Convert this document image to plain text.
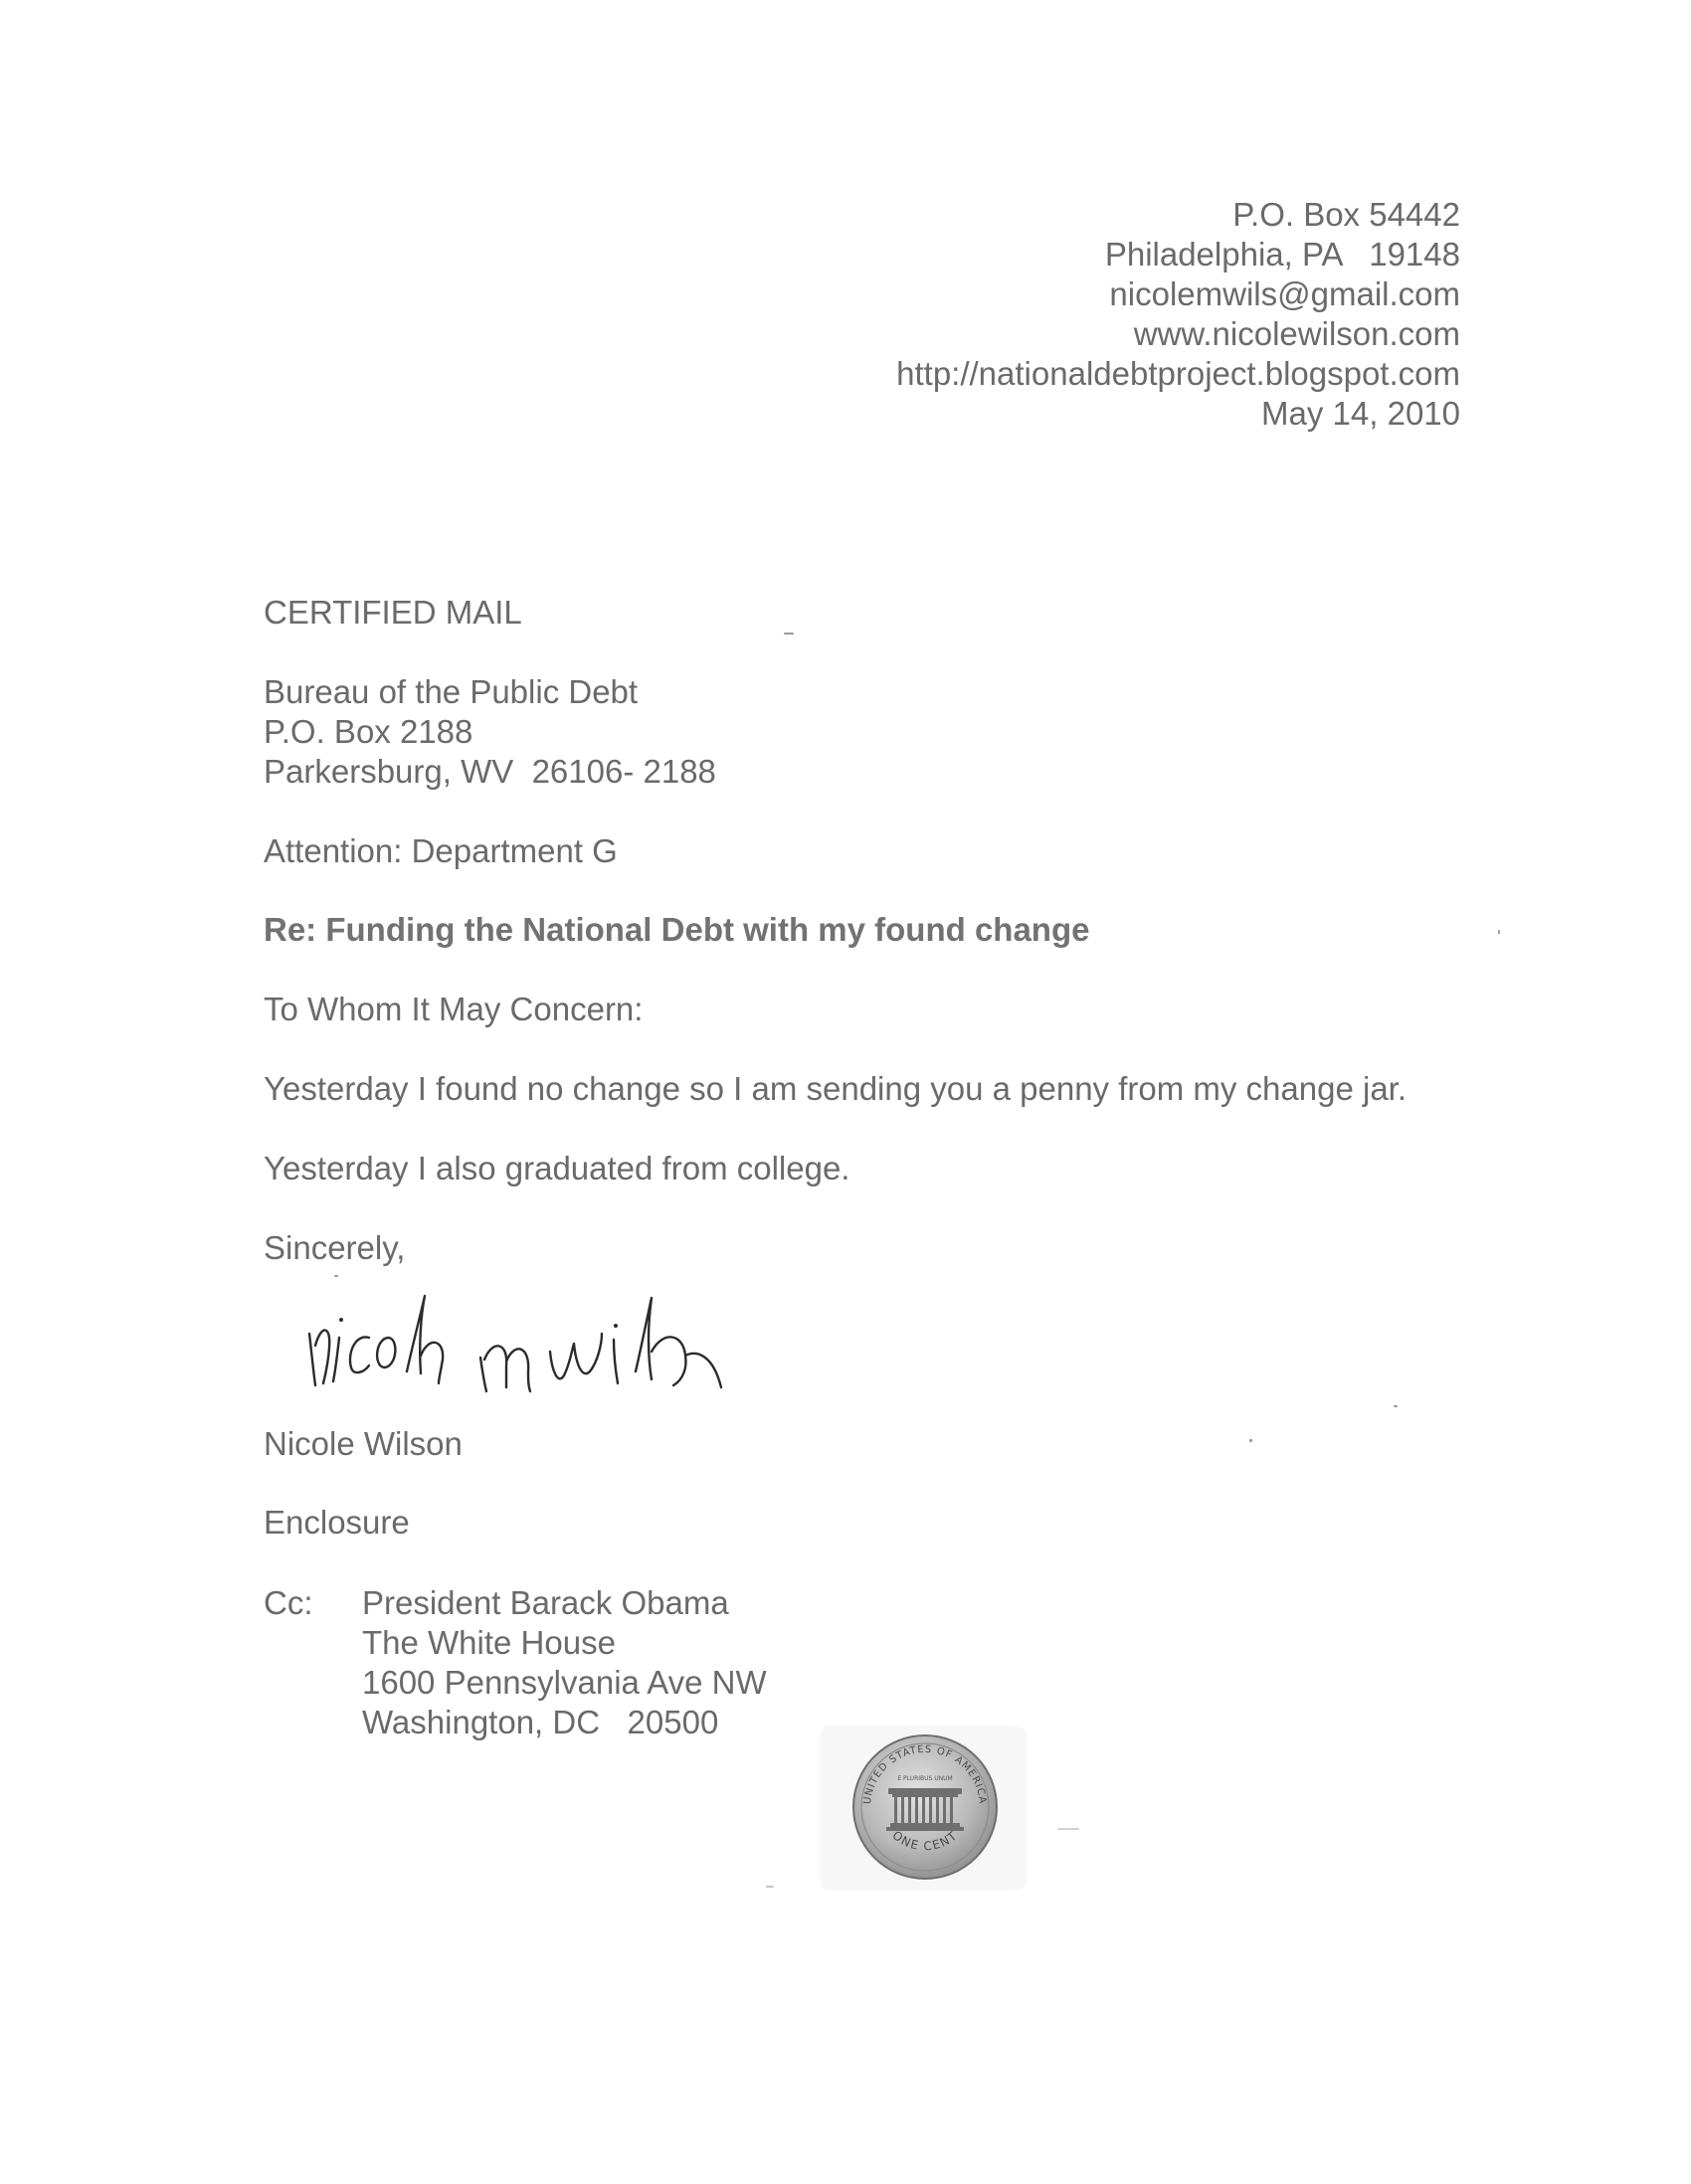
P.O. Box 54442
Philadelphia, PA   19148
nicolemwils@gmail.com
www.nicolewilson.com
http://nationaldebtproject.blogspot.com
May 14, 2010
CERTIFIED MAIL
Bureau of the Public Debt
P.O. Box 2188
Parkersburg, WV  26106- 2188
Attention: Department G
Re: Funding the National Debt with my found change
To Whom It May Concern:
Yesterday I found no change so I am sending you a penny from my change jar.
Yesterday I also graduated from college.
Sincerely,
Nicole Wilson
Enclosure
Cc: President Barack Obama
The White House
1600 Pennsylvania Ave NW
Washington, DC   20500
UNITED STATES OF AMERICA
E PLURIBUS UNUM
ONE CENT
